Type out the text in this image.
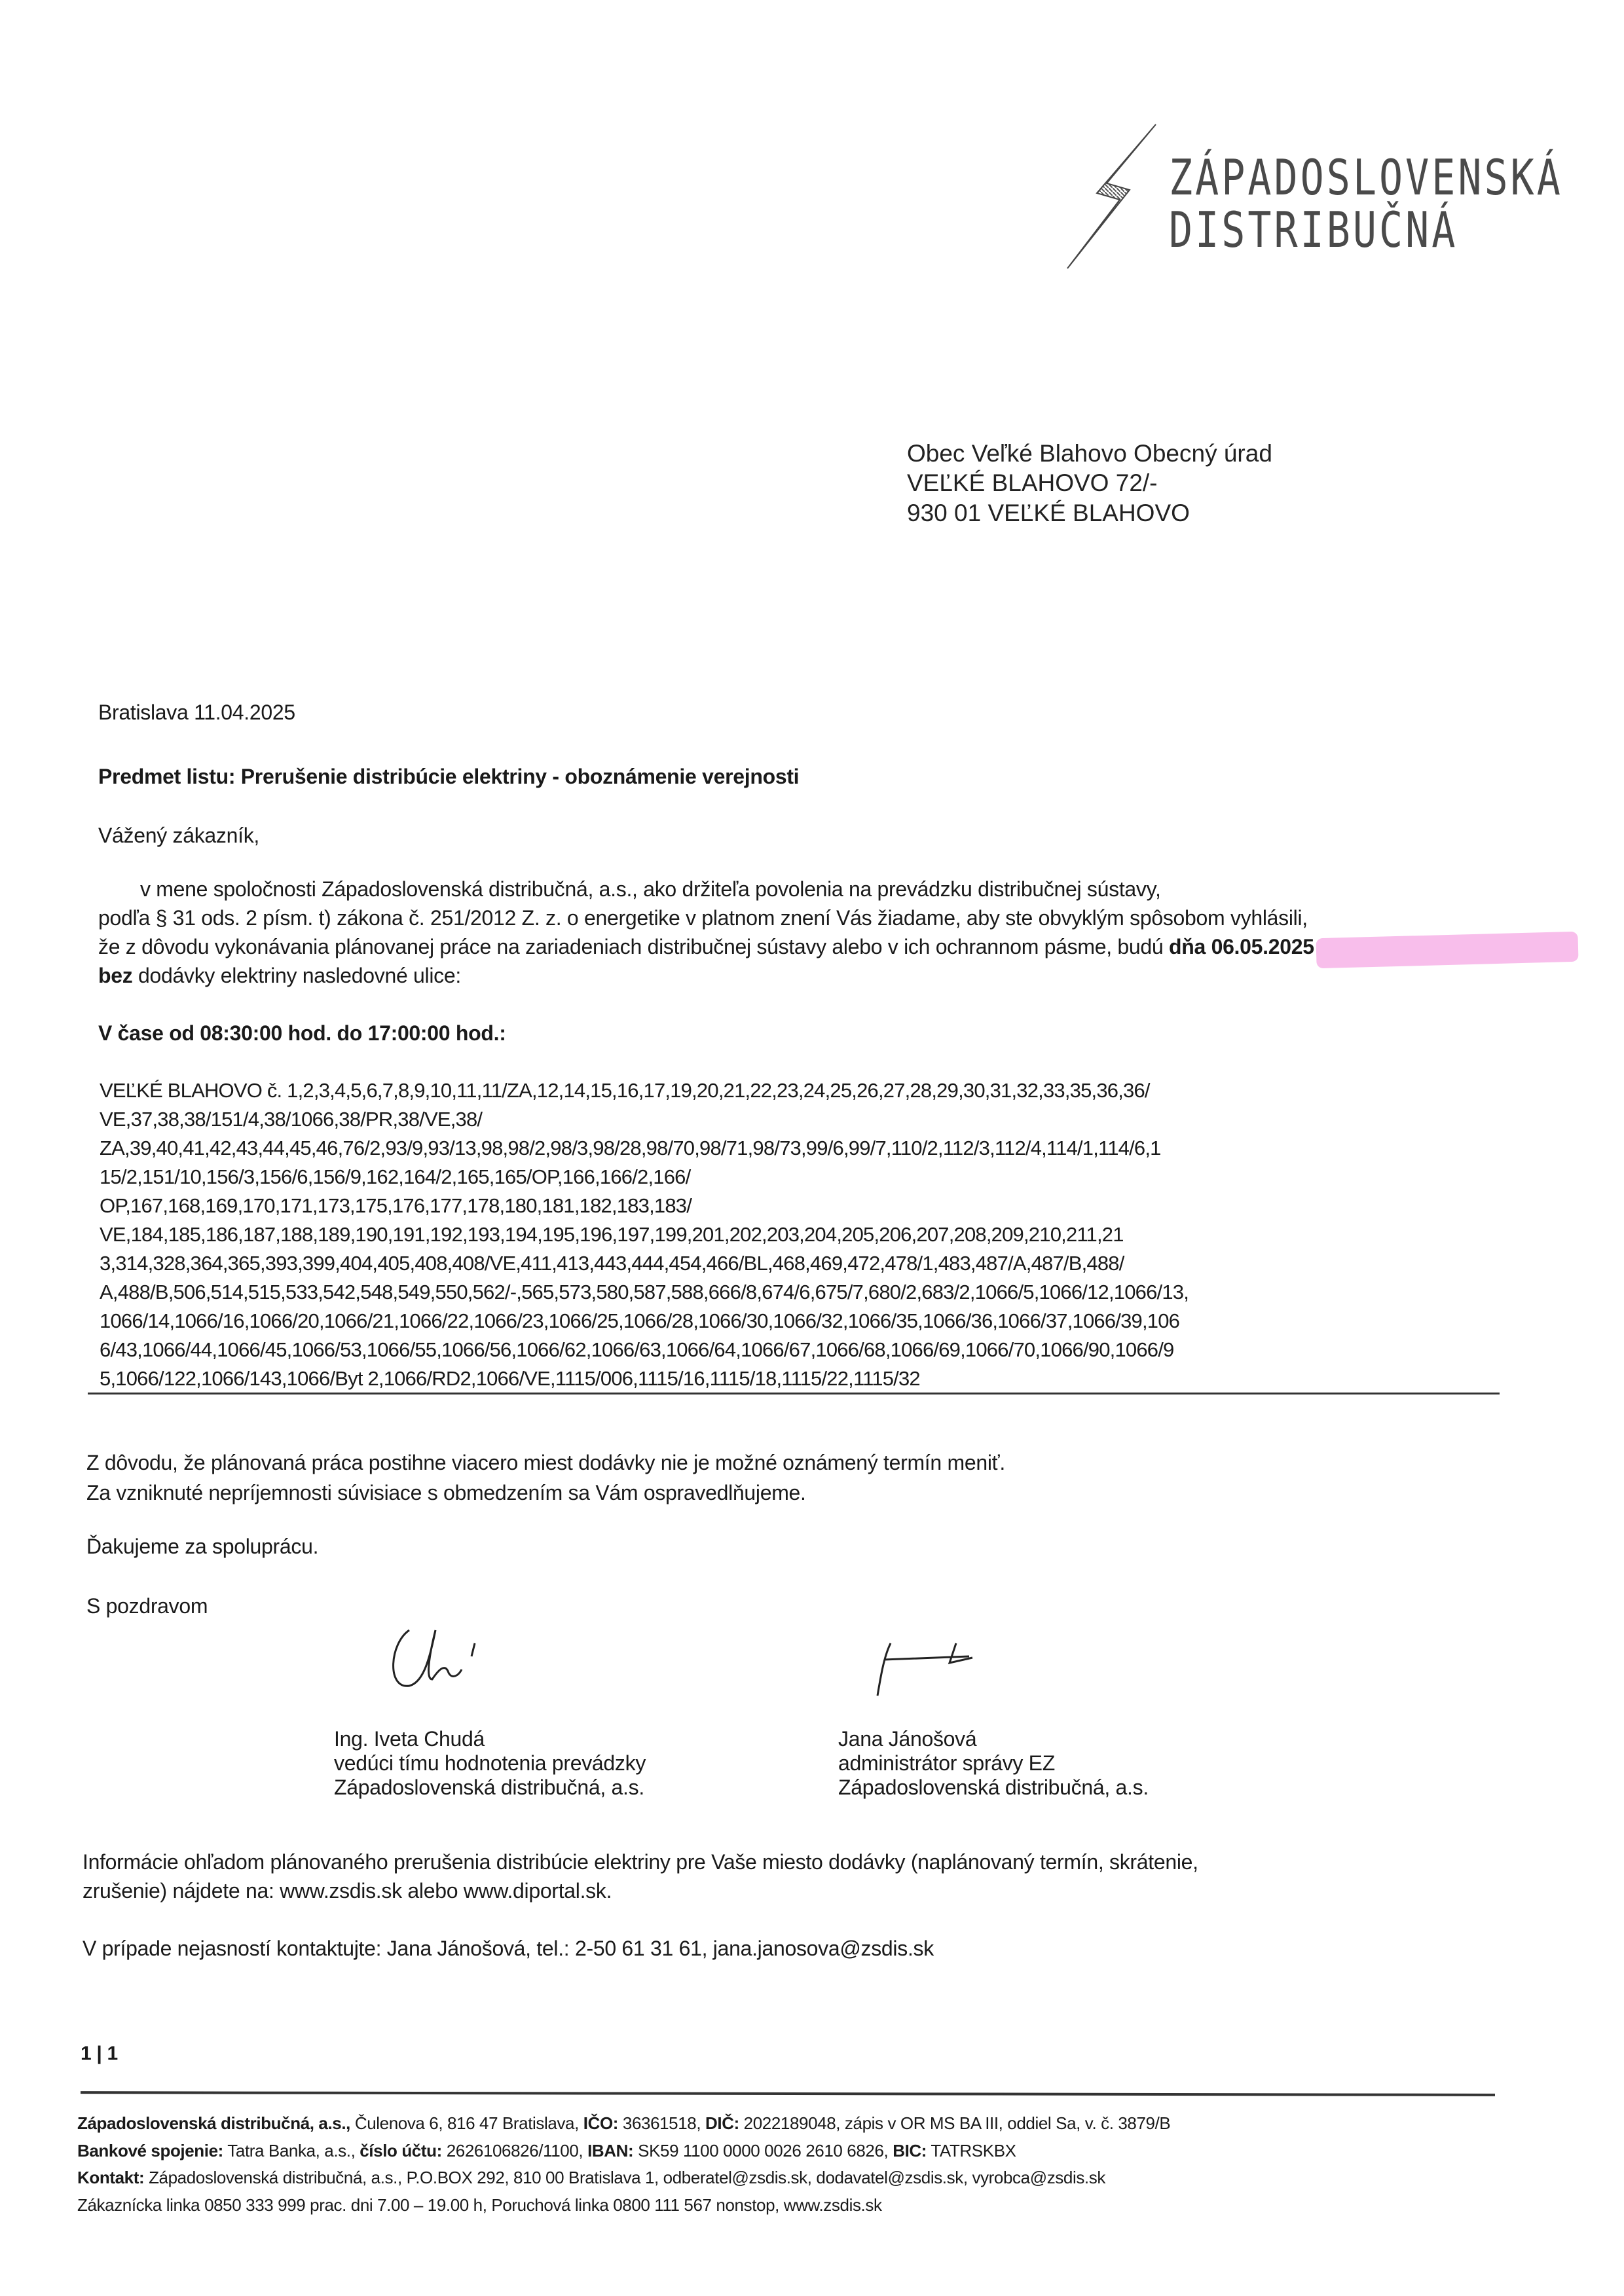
ZÁPADOSLOVENSKÁ
DISTRIBUČNÁ
Obec Veľké Blahovo Obecný úrad
VEĽKÉ BLAHOVO 72/-
930 01 VEĽKÉ BLAHOVO
Bratislava 11.04.2025
Predmet listu: Prerušenie distribúcie elektriny - oboznámenie verejnosti
Vážený zákazník,
v mene spoločnosti Západoslovenská distribučná, a.s., ako držiteľa povolenia na prevádzku distribučnej sústavy,
podľa § 31 ods. 2 písm. t) zákona č. 251/2012 Z. z. o energetike v platnom znení Vás žiadame, aby ste obvyklým spôsobom vyhlásili,
že z dôvodu vykonávania plánovanej práce na zariadeniach distribučnej sústavy alebo v ich ochrannom pásme, budú dňa 06.05.2025
bez dodávky elektriny nasledovné ulice:
V čase od 08:30:00 hod. do 17:00:00 hod.:
VEĽKÉ BLAHOVO č. 1,2,3,4,5,6,7,8,9,10,11,11/ZA,12,14,15,16,17,19,20,21,22,23,24,25,26,27,28,29,30,31,32,33,35,36,36/
VE,37,38,38/151/4,38/1066,38/PR,38/VE,38/
ZA,39,40,41,42,43,44,45,46,76/2,93/9,93/13,98,98/2,98/3,98/28,98/70,98/71,98/73,99/6,99/7,110/2,112/3,112/4,114/1,114/6,1
15/2,151/10,156/3,156/6,156/9,162,164/2,165,165/OP,166,166/2,166/
OP,167,168,169,170,171,173,175,176,177,178,180,181,182,183,183/
VE,184,185,186,187,188,189,190,191,192,193,194,195,196,197,199,201,202,203,204,205,206,207,208,209,210,211,21
3,314,328,364,365,393,399,404,405,408,408/VE,411,413,443,444,454,466/BL,468,469,472,478/1,483,487/A,487/B,488/
A,488/B,506,514,515,533,542,548,549,550,562/-,565,573,580,587,588,666/8,674/6,675/7,680/2,683/2,1066/5,1066/12,1066/13,
1066/14,1066/16,1066/20,1066/21,1066/22,1066/23,1066/25,1066/28,1066/30,1066/32,1066/35,1066/36,1066/37,1066/39,106
6/43,1066/44,1066/45,1066/53,1066/55,1066/56,1066/62,1066/63,1066/64,1066/67,1066/68,1066/69,1066/70,1066/90,1066/9
5,1066/122,1066/143,1066/Byt 2,1066/RD2,1066/VE,1115/006,1115/16,1115/18,1115/22,1115/32
Z dôvodu, že plánovaná práca postihne viacero miest dodávky nie je možné oznámený termín meniť.
Za vzniknuté nepríjemnosti súvisiace s obmedzením sa Vám ospravedlňujeme.
Ďakujeme za spoluprácu.
S pozdravom
Ing. Iveta Chudá
vedúci tímu hodnotenia prevádzky
Západoslovenská distribučná, a.s.
Jana Jánošová
administrátor správy EZ
Západoslovenská distribučná, a.s.
Informácie ohľadom plánovaného prerušenia distribúcie elektriny pre Vaše miesto dodávky (naplánovaný termín, skrátenie,
zrušenie) nájdete na: www.zsdis.sk alebo www.diportal.sk.
V prípade nejasností kontaktujte: Jana Jánošová, tel.: 2-50 61 31 61, jana.janosova@zsdis.sk
1 | 1
Západoslovenská distribučná, a.s., Čulenova 6, 816 47 Bratislava, IČO: 36361518, DIČ: 2022189048, zápis v OR MS BA III, oddiel Sa, v. č. 3879/B
Bankové spojenie: Tatra Banka, a.s., číslo účtu: 2626106826/1100, IBAN: SK59 1100 0000 0026 2610 6826, BIC: TATRSKBX
Kontakt: Západoslovenská distribučná, a.s., P.O.BOX 292, 810 00 Bratislava 1, odberatel@zsdis.sk, dodavatel@zsdis.sk, vyrobca@zsdis.sk
Zákaznícka linka 0850 333 999 prac. dni 7.00 – 19.00 h, Poruchová linka 0800 111 567 nonstop, www.zsdis.sk
